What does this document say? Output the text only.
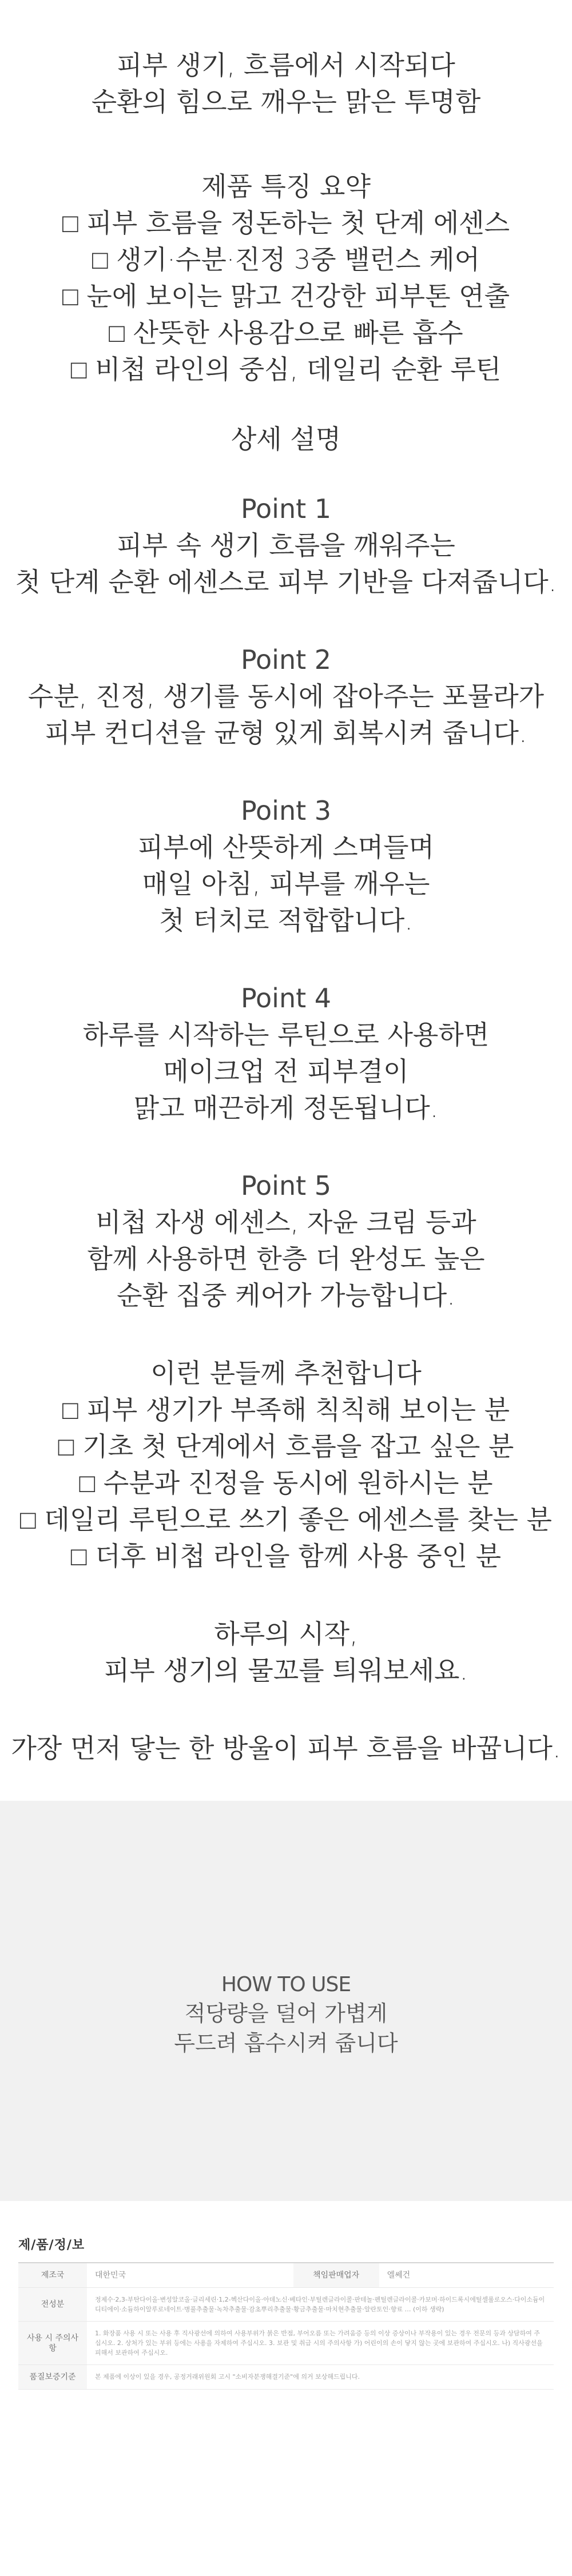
피부 생기, 흐름에서 시작되다
순환의 힘으로 깨우는 맑은 투명함
제품 특징 요약
□ 피부 흐름을 정돈하는 첫 단계 에센스
□ 생기·수분·진정 3중 밸런스 케어
□ 눈에 보이는 맑고 건강한 피부톤 연출
□ 산뜻한 사용감으로 빠른 흡수
□ 비첩 라인의 중심, 데일리 순환 루틴
상세 설명
Point 1
피부 속 생기 흐름을 깨워주는
첫 단계 순환 에센스로 피부 기반을 다져줍니다.
Point 2
수분, 진정, 생기를 동시에 잡아주는 포뮬라가
피부 컨디션을 균형 있게 회복시켜 줍니다.
Point 3
피부에 산뜻하게 스며들며
매일 아침, 피부를 깨우는
첫 터치로 적합합니다.
Point 4
하루를 시작하는 루틴으로 사용하면
메이크업 전 피부결이
맑고 매끈하게 정돈됩니다.
Point 5
비첩 자생 에센스, 자윤 크림 등과
함께 사용하면 한층 더 완성도 높은
순환 집중 케어가 가능합니다.
이런 분들께 추천합니다
□ 피부 생기가 부족해 칙칙해 보이는 분
□ 기초 첫 단계에서 흐름을 잡고 싶은 분
□ 수분과 진정을 동시에 원하시는 분
□ 데일리 루틴으로 쓰기 좋은 에센스를 찾는 분
□ 더후 비첩 라인을 함께 사용 중인 분
하루의 시작,
피부 생기의 물꼬를 틔워보세요.
가장 먼저 닿는 한 방울이 피부 흐름을 바꿉니다.
HOW TO USE
적당량을 덜어 가볍게
두드려 흡수시켜 줍니다
제/품/정/보
제조국	대한민국	책임판매업자	엘쎄건
전성분	정제수·2,3-부탄다이올·변성알코올·글리세린·1,2-헥산다이올·아데노신·베타인·부틸렌글라이콜·판테놀·펜틸렌글라이콜·카보머·하이드록시에틸셀룰로오스·다이소듐이디티에이·소듐하이알루로네이트·병풀추출물·녹차추출물·감초뿌리추출물·황금추출물·마치현추출물·알란토인·향료 … (이하 생략)		
사용 시 주의사항	1. 화장품 사용 시 또는 사용 후 직사광선에 의하여 사용부위가 붉은 반점, 부어오름 또는 가려움증 등의 이상 증상이나 부작용이 있는 경우 전문의 등과 상담하여 주십시오. 2. 상처가 있는 부위 등에는 사용을 자제하여 주십시오. 3. 보관 및 취급 시의 주의사항 가) 어린이의 손이 닿지 않는 곳에 보관하여 주십시오. 나) 직사광선을 피해서 보관하여 주십시오.		
품질보증기준	본 제품에 이상이 있을 경우, 공정거래위원회 고시 "소비자분쟁해결기준"에 의거 보상해드립니다.		
